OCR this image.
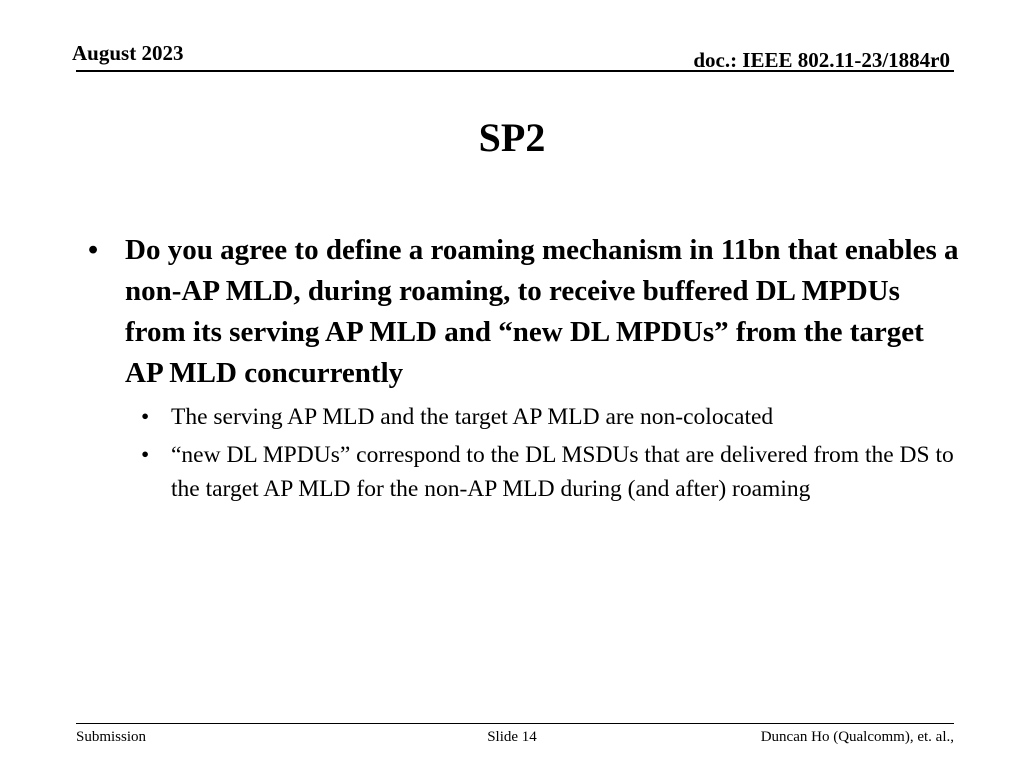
August 2023	doc.: IEEE 802.11-23/1884r0
SP2
• Do you agree to define a roaming mechanism in 11bn that enables a non-AP MLD, during roaming, to receive buffered DL MPDUs from its serving AP MLD and “new DL MPDUs” from the target AP MLD concurrently
• The serving AP MLD and the target AP MLD are non-colocated
• “new DL MPDUs” correspond to the DL MSDUs that are delivered from the DS to the target AP MLD for the non-AP MLD during (and after) roaming
Submission	Slide 14	Duncan Ho (Qualcomm), et. al.,
